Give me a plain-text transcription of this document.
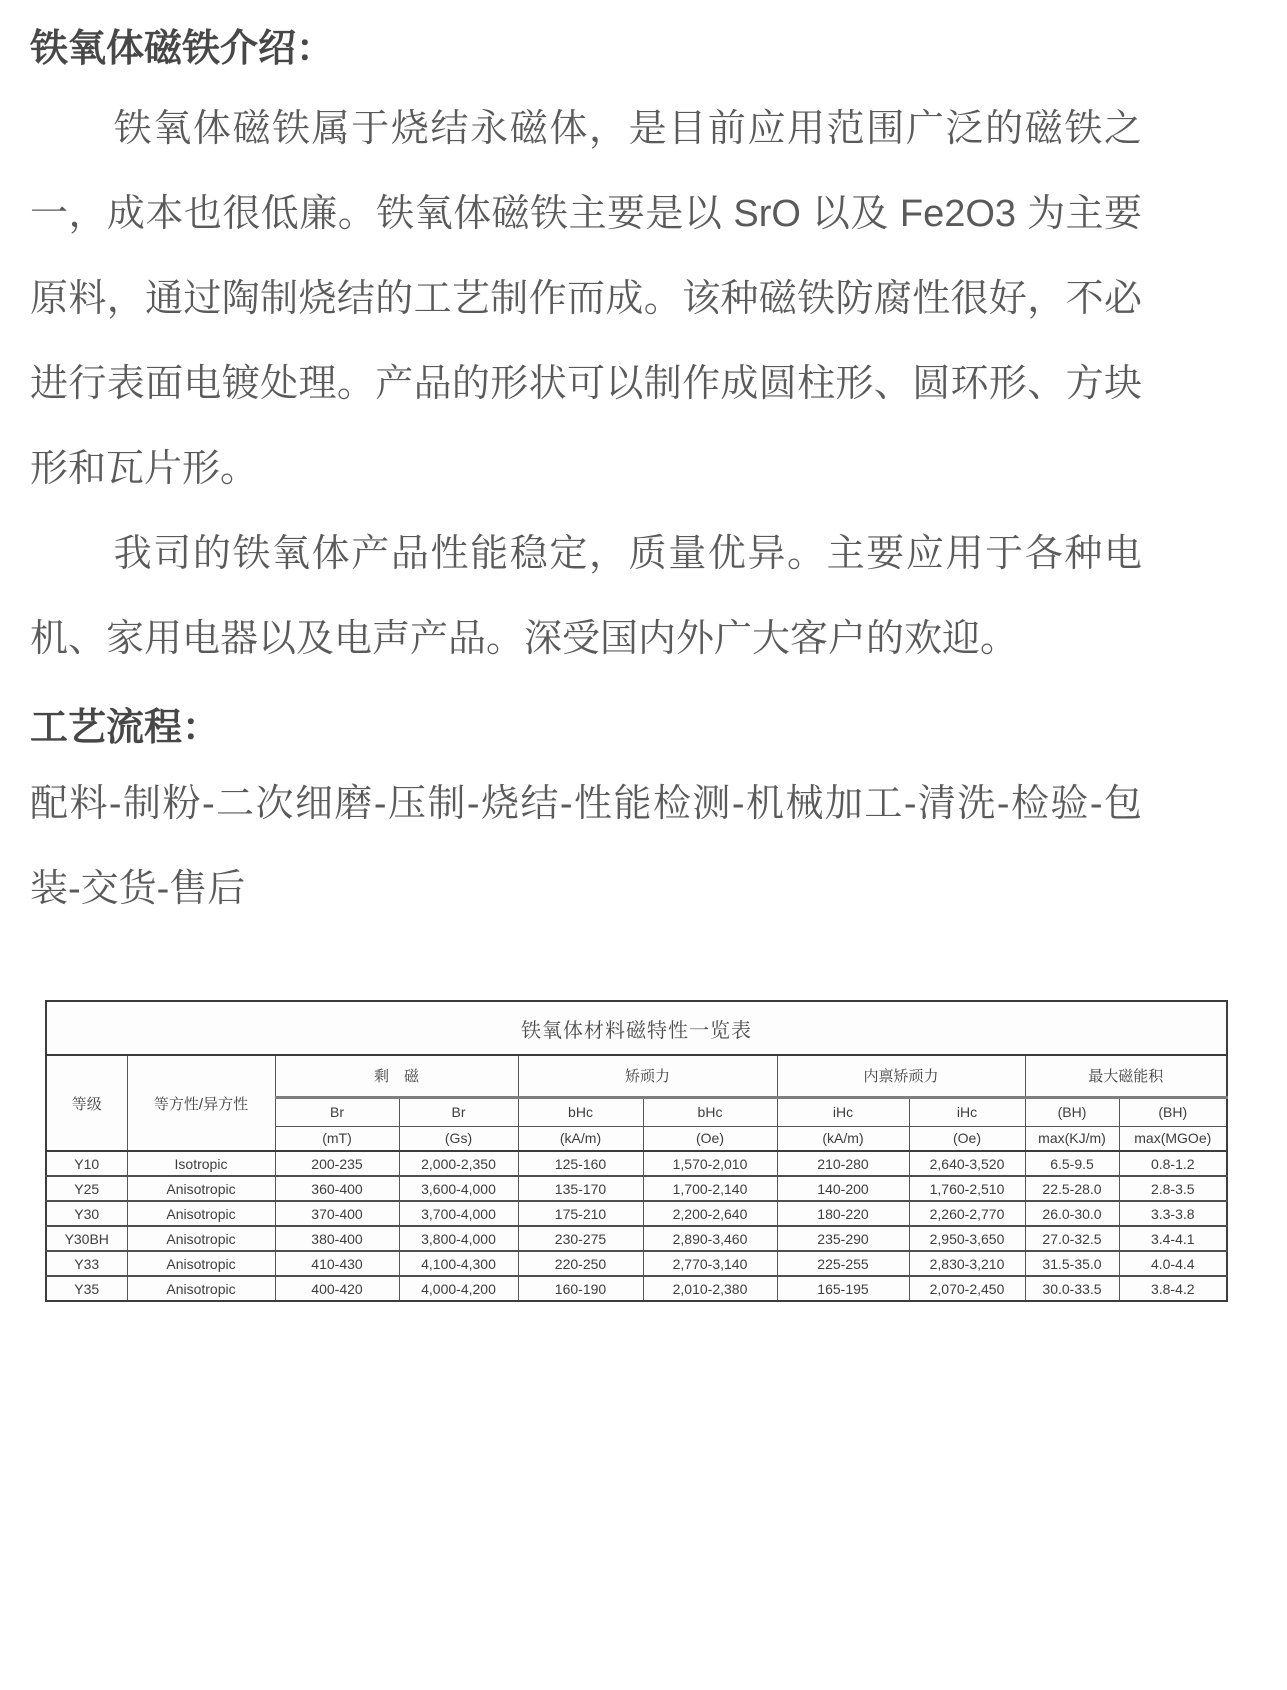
铁氧体磁铁介绍：

铁氧体磁铁属于烧结永磁体，是目前应用范围广泛的磁铁之一，成本也很低廉。铁氧体磁铁主要是以 SrO 以及 Fe2O3 为主要原料，通过陶制烧结的工艺制作而成。该种磁铁防腐性很好，不必进行表面电镀处理。产品的形状可以制作成圆柱形、圆环形、方块形和瓦片形。

我司的铁氧体产品性能稳定，质量优异。主要应用于各种电机、家用电器以及电声产品。深受国内外广大客户的欢迎。

工艺流程：

配料-制粉-二次细磨-压制-烧结-性能检测-机械加工-清洗-检验-包装-交货-售后

铁氧体材料磁特性一览表									
等级	等方性/异方性	剩　磁		矫顽力		内禀矫顽力		最大磁能积	
		Br	Br	bHc	bHc	iHc	iHc	(BH)	(BH)
		(mT)	(Gs)	(kA/m)	(Oe)	(kA/m)	(Oe)	max(KJ/m)	max(MGOe)
Y10	Isotropic	200-235	2,000-2,350	125-160	1,570-2,010	210-280	2,640-3,520	6.5-9.5	0.8-1.2
Y25	Anisotropic	360-400	3,600-4,000	135-170	1,700-2,140	140-200	1,760-2,510	22.5-28.0	2.8-3.5
Y30	Anisotropic	370-400	3,700-4,000	175-210	2,200-2,640	180-220	2,260-2,770	26.0-30.0	3.3-3.8
Y30BH	Anisotropic	380-400	3,800-4,000	230-275	2,890-3,460	235-290	2,950-3,650	27.0-32.5	3.4-4.1
Y33	Anisotropic	410-430	4,100-4,300	220-250	2,770-3,140	225-255	2,830-3,210	31.5-35.0	4.0-4.4
Y35	Anisotropic	400-420	4,000-4,200	160-190	2,010-2,380	165-195	2,070-2,450	30.0-33.5	3.8-4.2
